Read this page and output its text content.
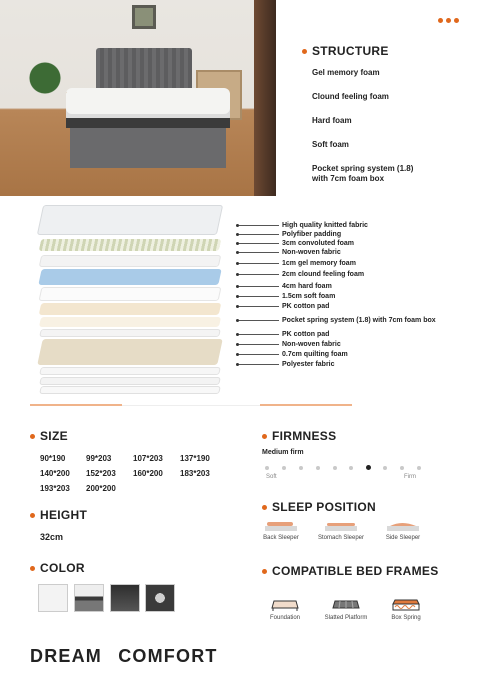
STRUCTURE
Gel memory foam
Clound feeling foam
Hard foam
Soft foam
Pocket spring system (1.8)
with 7cm foam box
High quality knitted fabric
Polyfiber padding
3cm convoluted foam
Non-woven fabric
1cm gel memory foam
2cm clound feeling foam
4cm hard foam
1.5cm soft foam
PK cotton pad
Pocket spring system (1.8) with 7cm foam box
PK cotton pad
Non-woven fabric
0.7cm quilting foam
Polyester fabric
SIZE
90*190	99*203	107*203 137*190
140*200 152*203 160*200 183*203
193*203 200*200
HEIGHT
32cm
COLOR
FIRMNESS
Medium firm
Soft	Firm
SLEEP POSITION
Back Sleeper	Stomach Sleeper	Side Sleeper
COMPATIBLE BED FRAMES
Foundation	Slatted Platform	Box Spring
DREAM COMFORT
